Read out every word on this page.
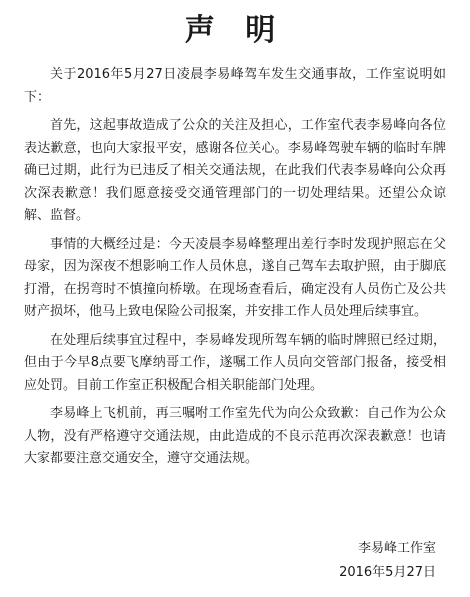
声 明

关于2016年5月27日凌晨李易峰驾车发生交通事故，工作室说明如下：

首先，这起事故造成了公众的关注及担心，工作室代表李易峰向各位表达歉意，也向大家报平安，感谢各位关心。李易峰驾驶车辆的临时车牌确已过期，此行为已违反了相关交通法规，在此我们代表李易峰向公众再次深表歉意！我们愿意接受交通管理部门的一切处理结果。还望公众谅解、监督。

事情的大概经过是：今天凌晨李易峰整理出差行李时发现护照忘在父母家，因为深夜不想影响工作人员休息，遂自己驾车去取护照，由于脚底打滑，在拐弯时不慎撞向桥墩。在现场查看后，确定没有人员伤亡及公共财产损坏，他马上致电保险公司报案，并安排工作人员处理后续事宜。

在处理后续事宜过程中，李易峰发现所驾车辆的临时牌照已经过期，但由于今早8点要飞摩纳哥工作，遂嘱工作人员向交管部门报备，接受相应处罚。目前工作室正积极配合相关职能部门处理。

李易峰上飞机前，再三嘱咐工作室先代为向公众致歉：自己作为公众人物，没有严格遵守交通法规，由此造成的不良示范再次深表歉意！也请大家都要注意交通安全，遵守交通法规。

李易峰工作室
2016年5月27日
